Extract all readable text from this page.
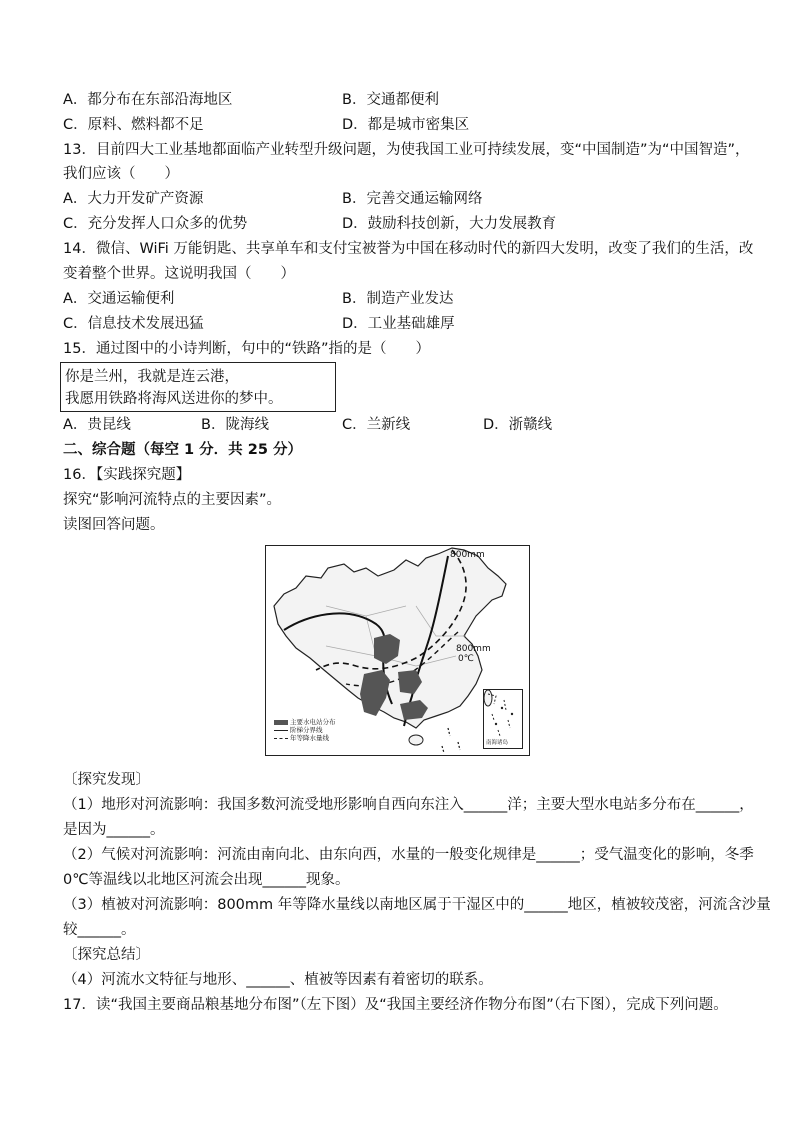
A．都分布在东部沿海地区	B．交通都便利
C．原料、燃料都不足	D．都是城市密集区
13．目前四大工业基地都面临产业转型升级问题，为使我国工业可持续发展，变“中国制造”为“中国智造”，
我们应该（　　）
A．大力开发矿产资源	B．完善交通运输网络
C．充分发挥人口众多的优势	D．鼓励科技创新，大力发展教育
14．微信、WiFi 万能钥匙、共享单车和支付宝被誉为中国在移动时代的新四大发明，改变了我们的生活，改
变着整个世界。这说明我国（　　）
A．交通运输便利	B．制造产业发达
C．信息技术发展迅猛	D．工业基础雄厚
15．通过图中的小诗判断，句中的“铁路”指的是（　　）
你是兰州，我就是连云港，
我愿用铁路将海风送进你的梦中。
A．贵昆线	B．陇海线	C．兰新线	D．浙赣线
二、综合题（每空 1 分．共 25 分）
16．【实践探究题】
探究“影响河流特点的主要因素”。
读图回答问题。
800mm
800mm
0℃
主要水电站分布
阶梯分界线
年等降水量线
南海诸岛
〔探究发现〕
（1）地形对河流影响：我国多数河流受地形影响自西向东注入______洋；主要大型水电站多分布在______，
是因为______。
（2）气候对河流影响：河流由南向北、由东向西，水量的一般变化规律是______；受气温变化的影响，冬季
0℃等温线以北地区河流会出现______现象。
（3）植被对河流影响：800mm 年等降水量线以南地区属于干湿区中的______地区，植被较茂密，河流含沙量
较______。
〔探究总结〕
（4）河流水文特征与地形、______、植被等因素有着密切的联系。
17．读“我国主要商品粮基地分布图”（左下图）及“我国主要经济作物分布图”（右下图），完成下列问题。
